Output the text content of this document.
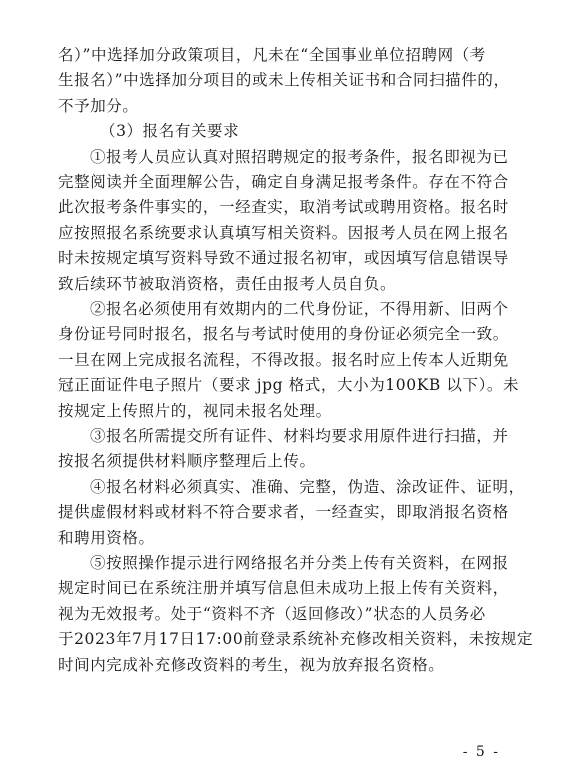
名）”中选择加分政策项目，凡未在“全国事业单位招聘网（考
生报名）”中选择加分项目的或未上传相关证书和合同扫描件的，
不予加分。
（3）报名有关要求
①报考人员应认真对照招聘规定的报考条件，报名即视为已
完整阅读并全面理解公告，确定自身满足报考条件。存在不符合
此次报考条件事实的，一经查实，取消考试或聘用资格。报名时
应按照报名系统要求认真填写相关资料。因报考人员在网上报名
时未按规定填写资料导致不通过报名初审，或因填写信息错误导
致后续环节被取消资格，责任由报考人员自负。
②报名必须使用有效期内的二代身份证，不得用新、旧两个
身份证号同时报名，报名与考试时使用的身份证必须完全一致。
一旦在网上完成报名流程，不得改报。报名时应上传本人近期免
冠正面证件电子照片（要求 jpg 格式，大小为100KB 以下）。未
按规定上传照片的，视同未报名处理。
③报名所需提交所有证件、材料均要求用原件进行扫描，并
按报名须提供材料顺序整理后上传。
④报名材料必须真实、准确、完整，伪造、涂改证件、证明，
提供虚假材料或材料不符合要求者，一经查实，即取消报名资格
和聘用资格。
⑤按照操作提示进行网络报名并分类上传有关资料，在网报
规定时间已在系统注册并填写信息但未成功上报上传有关资料，
视为无效报考。处于“资料不齐（返回修改）”状态的人员务必
于2023年7月17日17:00前登录系统补充修改相关资料，未按规定
时间内完成补充修改资料的考生，视为放弃报名资格。
- 5 -
